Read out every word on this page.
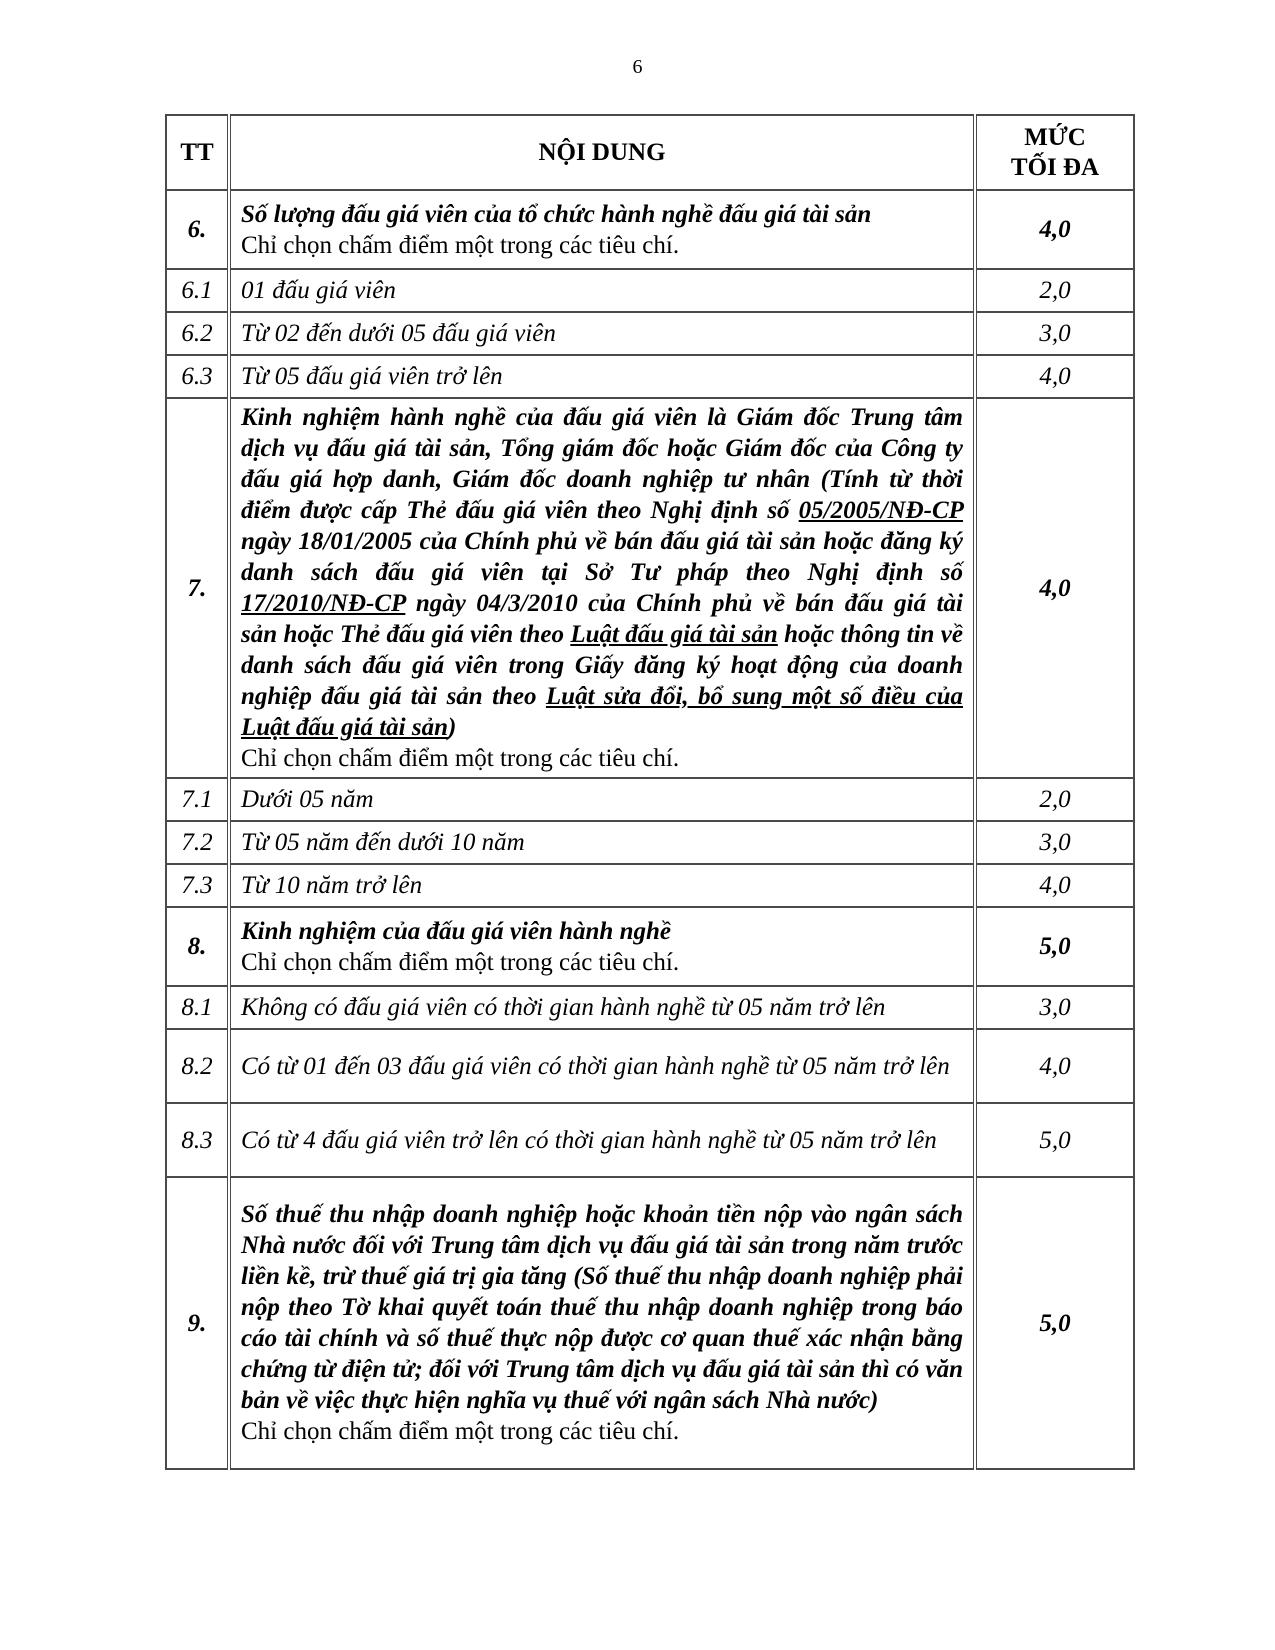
6
TT	NỘI DUNG	MỨC
TỐI ĐA
6.	Số lượng đấu giá viên của tổ chức hành nghề đấu giá tài sản
Chỉ chọn chấm điểm một trong các tiêu chí.	4,0
6.1	01 đấu giá viên	2,0
6.2	Từ 02 đến dưới 05 đấu giá viên	3,0
6.3	Từ 05 đấu giá viên trở lên	4,0
7.	Kinh nghiệm hành nghề của đấu giá viên là Giám đốc Trung tâm dịch vụ đấu giá tài sản, Tổng giám đốc hoặc Giám đốc của Công ty đấu giá hợp danh, Giám đốc doanh nghiệp tư nhân (Tính từ thời điểm được cấp Thẻ đấu giá viên theo Nghị định số 05/2005/NĐ-CP ngày 18/01/2005 của Chính phủ về bán đấu giá tài sản hoặc đăng ký danh sách đấu giá viên tại Sở Tư pháp theo Nghị định số 17/2010/NĐ-CP ngày 04/3/2010 của Chính phủ về bán đấu giá tài sản hoặc Thẻ đấu giá viên theo Luật đấu giá tài sản hoặc thông tin về danh sách đấu giá viên trong Giấy đăng ký hoạt động của doanh nghiệp đấu giá tài sản theo Luật sửa đổi, bổ sung một số điều của Luật đấu giá tài sản)
Chỉ chọn chấm điểm một trong các tiêu chí.	4,0
7.1	Dưới 05 năm	2,0
7.2	Từ 05 năm đến dưới 10 năm	3,0
7.3	Từ 10 năm trở lên	4,0
8.	Kinh nghiệm của đấu giá viên hành nghề
Chỉ chọn chấm điểm một trong các tiêu chí.	5,0
8.1	Không có đấu giá viên có thời gian hành nghề từ 05 năm trở lên	3,0
8.2	Có từ 01 đến 03 đấu giá viên có thời gian hành nghề từ 05 năm trở lên	4,0
8.3	Có từ 4 đấu giá viên trở lên có thời gian hành nghề từ 05 năm trở lên	5,0
9.	Số thuế thu nhập doanh nghiệp hoặc khoản tiền nộp vào ngân sách Nhà nước đối với Trung tâm dịch vụ đấu giá tài sản trong năm trước liền kề, trừ thuế giá trị gia tăng (Số thuế thu nhập doanh nghiệp phải nộp theo Tờ khai quyết toán thuế thu nhập doanh nghiệp trong báo cáo tài chính và số thuế thực nộp được cơ quan thuế xác nhận bằng chứng từ điện tử; đối với Trung tâm dịch vụ đấu giá tài sản thì có văn bản về việc thực hiện nghĩa vụ thuế với ngân sách Nhà nước)
Chỉ chọn chấm điểm một trong các tiêu chí.	5,0
